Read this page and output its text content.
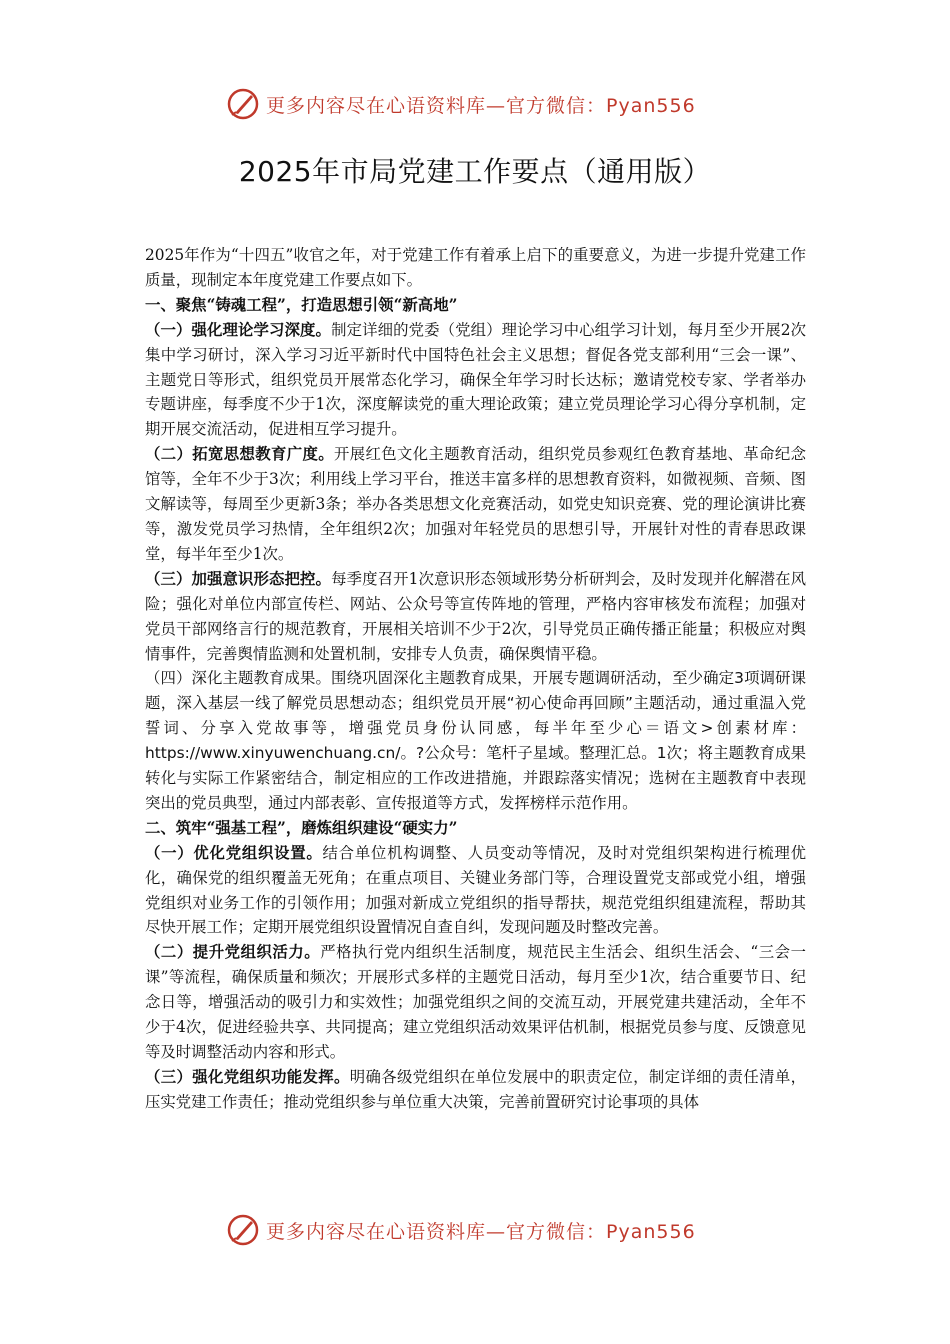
更多内容尽在心语资料库—官方微信：Pyan556
2025年市局党建工作要点（通用版）

2025年作为“十四五”收官之年，对于党建工作有着承上启下的重要意义，为进一步提升党建工作质量，现制定本年度党建工作要点如下。

一、聚焦“铸魂工程”，打造思想引领“新高地”

（一）强化理论学习深度。制定详细的党委（党组）理论学习中心组学习计划，每月至少开展2次集中学习研讨，深入学习习近平新时代中国特色社会主义思想；督促各党支部利用“三会一课”、主题党日等形式，组织党员开展常态化学习，确保全年学习时长达标；邀请党校专家、学者举办专题讲座，每季度不少于1次，深度解读党的重大理论政策；建立党员理论学习心得分享机制，定期开展交流活动，促进相互学习提升。

（二）拓宽思想教育广度。开展红色文化主题教育活动，组织党员参观红色教育基地、革命纪念馆等，全年不少于3次；利用线上学习平台，推送丰富多样的思想教育资料，如微视频、音频、图文解读等，每周至少更新3条；举办各类思想文化竞赛活动，如党史知识竞赛、党的理论演讲比赛等，激发党员学习热情，全年组织2次；加强对年轻党员的思想引导，开展针对性的青春思政课堂，每半年至少1次。

（三）加强意识形态把控。每季度召开1次意识形态领域形势分析研判会，及时发现并化解潜在风险；强化对单位内部宣传栏、网站、公众号等宣传阵地的管理，严格内容审核发布流程；加强对党员干部网络言行的规范教育，开展相关培训不少于2次，引导党员正确传播正能量；积极应对舆情事件，完善舆情监测和处置机制，安排专人负责，确保舆情平稳。

（四）深化主题教育成果。围绕巩固深化主题教育成果，开展专题调研活动，至少确定3项调研课题，深入基层一线了解党员思想动态；组织党员开展“初心使命再回顾”主题活动，通过重温入党誓词、分享入党故事等，增强党员身份认同感，每半年至少心＝语文>创素材库：https://www.xinyuwenchuang.cn/。?公众号：笔杆子星域。整理汇总。1次；将主题教育成果转化与实际工作紧密结合，制定相应的工作改进措施，并跟踪落实情况；选树在主题教育中表现突出的党员典型，通过内部表彰、宣传报道等方式，发挥榜样示范作用。

二、筑牢“强基工程”，磨炼组织建设“硬实力”

（一）优化党组织设置。结合单位机构调整、人员变动等情况，及时对党组织架构进行梳理优化，确保党的组织覆盖无死角；在重点项目、关键业务部门等，合理设置党支部或党小组，增强党组织对业务工作的引领作用；加强对新成立党组织的指导帮扶，规范党组织组建流程，帮助其尽快开展工作；定期开展党组织设置情况自查自纠，发现问题及时整改完善。

（二）提升党组织活力。严格执行党内组织生活制度，规范民主生活会、组织生活会、“三会一课”等流程，确保质量和频次；开展形式多样的主题党日活动，每月至少1次，结合重要节日、纪念日等，增强活动的吸引力和实效性；加强党组织之间的交流互动，开展党建共建活动，全年不少于4次，促进经验共享、共同提高；建立党组织活动效果评估机制，根据党员参与度、反馈意见等及时调整活动内容和形式。

（三）强化党组织功能发挥。明确各级党组织在单位发展中的职责定位，制定详细的责任清单，压实党建工作责任；推动党组织参与单位重大决策，完善前置研究讨论事项的具体

更多内容尽在心语资料库—官方微信：Pyan556
